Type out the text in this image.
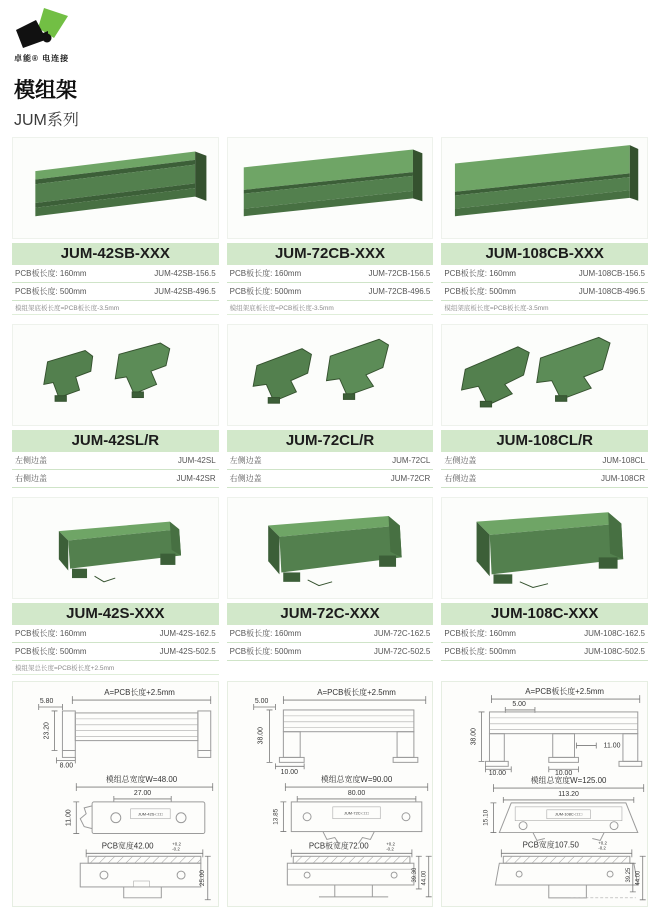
卓能® 电连接
模组架
JUM系列
JUM-42SB-XXX
PCB板长度: 160mm	JUM-42SB-156.5
PCB板长度: 500mm	JUM-42SB-496.5
模组架底板长度=PCB板长度-3.5mm
JUM-72CB-XXX
PCB板长度: 160mm	JUM-72CB-156.5
PCB板长度: 500mm	JUM-72CB-496.5
模组架底板长度=PCB板长度-3.5mm
JUM-108CB-XXX
PCB板长度: 160mm	JUM-108CB-156.5
PCB板长度: 500mm	JUM-108CB-496.5
模组架底板长度=PCB板长度-3.5mm
JUM-42SL/R
左侧边盖	JUM-42SL
右侧边盖	JUM-42SR
JUM-72CL/R
左侧边盖	JUM-72CL
右侧边盖	JUM-72CR
JUM-108CL/R
左侧边盖	JUM-108CL
右侧边盖	JUM-108CR
JUM-42S-XXX
PCB板长度: 160mm	JUM-42S-162.5
PCB板长度: 500mm	JUM-42S-502.5
模组架总长度=PCB板长度+2.5mm
JUM-72C-XXX
PCB板长度: 160mm	JUM-72C-162.5
PCB板长度: 500mm	JUM-72C-502.5
JUM-108C-XXX
PCB板长度: 160mm	JUM-108C-162.5
PCB板长度: 500mm	JUM-108C-502.5
A=PCB长度+2.5mm
5.80
23.20
8.00
模组总宽度W=48.00
27.00
JUM-42S-□□□
11.00
PCB宽度42.00	+0.2
-0.2
25.00
A=PCB板长度+2.5mm
5.00
38.00
10.00
模组总宽度W=90.00
80.00
JUM-72C-□□□
13.85
PCB板宽度72.00	+0.2
-0.2
39.30 44.00
A=PCB板长度+2.5mm
5.00
11.00
38.00
10.00	10.00
模组总宽度W=125.00
113.20
JUM-108C-□□□
15.10
PCB宽度107.50	+0.2
-0.2
39.25 44.00
